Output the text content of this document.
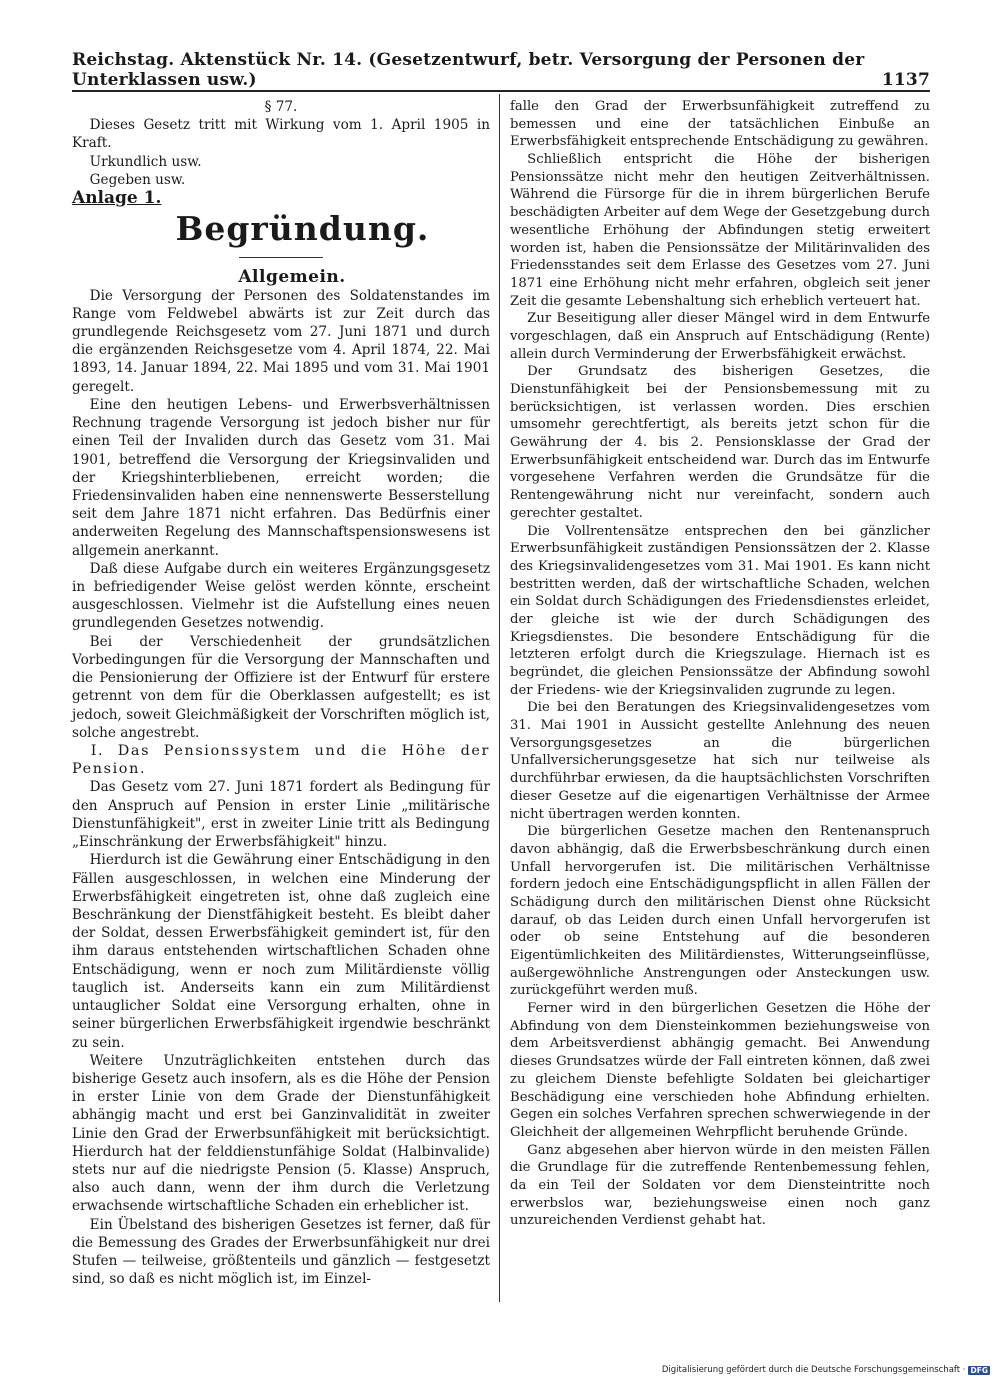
Reichstag. Aktenstück Nr. 14. (Gesetzentwurf, betr. Versorgung der Personen der Unterklassen usw.)	1137

§ 77.

Dieses Gesetz tritt mit Wirkung vom 1. April 1905 in Kraft.

Urkundlich usw.

Gegeben usw.

Anlage 1.

Begründung.

Allgemein.

Die Versorgung der Personen des Soldatenstandes im Range vom Feldwebel abwärts ist zur Zeit durch das grundlegende Reichsgesetz vom 27. Juni 1871 und durch die ergänzenden Reichsgesetze vom 4. April 1874, 22. Mai 1893, 14. Januar 1894, 22. Mai 1895 und vom 31. Mai 1901 geregelt.

Eine den heutigen Lebens- und Erwerbsverhältnissen Rechnung tragende Versorgung ist jedoch bisher nur für einen Teil der Invaliden durch das Gesetz vom 31. Mai 1901, betreffend die Versorgung der Kriegsinvaliden und der Kriegshinterbliebenen, erreicht worden; die Friedensinvaliden haben eine nennenswerte Besserstellung seit dem Jahre 1871 nicht erfahren. Das Bedürfnis einer anderweiten Regelung des Mannschaftspensionswesens ist allgemein anerkannt.

Daß diese Aufgabe durch ein weiteres Ergänzungsgesetz in befriedigender Weise gelöst werden könnte, erscheint ausgeschlossen. Vielmehr ist die Aufstellung eines neuen grundlegenden Gesetzes notwendig.

Bei der Verschiedenheit der grundsätzlichen Vorbedingungen für die Versorgung der Mannschaften und die Pensionierung der Offiziere ist der Entwurf für erstere getrennt von dem für die Oberklassen aufgestellt; es ist jedoch, soweit Gleichmäßigkeit der Vorschriften möglich ist, solche angestrebt.

I. Das Pensionssystem und die Höhe der Pension.

Das Gesetz vom 27. Juni 1871 fordert als Bedingung für den Anspruch auf Pension in erster Linie „militärische Dienstunfähigkeit", erst in zweiter Linie tritt als Bedingung „Einschränkung der Erwerbsfähigkeit" hinzu.

Hierdurch ist die Gewährung einer Entschädigung in den Fällen ausgeschlossen, in welchen eine Minderung der Erwerbsfähigkeit eingetreten ist, ohne daß zugleich eine Beschränkung der Dienstfähigkeit besteht. Es bleibt daher der Soldat, dessen Erwerbsfähigkeit gemindert ist, für den ihm daraus entstehenden wirtschaftlichen Schaden ohne Entschädigung, wenn er noch zum Militärdienste völlig tauglich ist. Anderseits kann ein zum Militärdienst untauglicher Soldat eine Versorgung erhalten, ohne in seiner bürgerlichen Erwerbsfähigkeit irgendwie beschränkt zu sein.

Weitere Unzuträglichkeiten entstehen durch das bisherige Gesetz auch insofern, als es die Höhe der Pension in erster Linie von dem Grade der Dienstunfähigkeit abhängig macht und erst bei Ganzinvalidität in zweiter Linie den Grad der Erwerbsunfähigkeit mit berücksichtigt. Hierdurch hat der felddienstunfähige Soldat (Halbinvalide) stets nur auf die niedrigste Pension (5. Klasse) Anspruch, also auch dann, wenn der ihm durch die Verletzung erwachsende wirtschaftliche Schaden ein erheblicher ist.

Ein Übelstand des bisherigen Gesetzes ist ferner, daß für die Bemessung des Grades der Erwerbsunfähigkeit nur drei Stufen — teilweise, größtenteils und gänzlich — festgesetzt sind, so daß es nicht möglich ist, im Einzel-

falle den Grad der Erwerbsunfähigkeit zutreffend zu bemessen und eine der tatsächlichen Einbuße an Erwerbsfähigkeit entsprechende Entschädigung zu gewähren.

Schließlich entspricht die Höhe der bisherigen Pensionssätze nicht mehr den heutigen Zeitverhältnissen. Während die Fürsorge für die in ihrem bürgerlichen Berufe beschädigten Arbeiter auf dem Wege der Gesetzgebung durch wesentliche Erhöhung der Abfindungen stetig erweitert worden ist, haben die Pensionssätze der Militärinvaliden des Friedensstandes seit dem Erlasse des Gesetzes vom 27. Juni 1871 eine Erhöhung nicht mehr erfahren, obgleich seit jener Zeit die gesamte Lebenshaltung sich erheblich verteuert hat.

Zur Beseitigung aller dieser Mängel wird in dem Entwurfe vorgeschlagen, daß ein Anspruch auf Entschädigung (Rente) allein durch Verminderung der Erwerbsfähigkeit erwächst.

Der Grundsatz des bisherigen Gesetzes, die Dienstunfähigkeit bei der Pensionsbemessung mit zu berücksichtigen, ist verlassen worden. Dies erschien umsomehr gerechtfertigt, als bereits jetzt schon für die Gewährung der 4. bis 2. Pensionsklasse der Grad der Erwerbsunfähigkeit entscheidend war. Durch das im Entwurfe vorgesehene Verfahren werden die Grundsätze für die Rentengewährung nicht nur vereinfacht, sondern auch gerechter gestaltet.

Die Vollrentensätze entsprechen den bei gänzlicher Erwerbsunfähigkeit zuständigen Pensionssätzen der 2. Klasse des Kriegsinvalidengesetzes vom 31. Mai 1901. Es kann nicht bestritten werden, daß der wirtschaftliche Schaden, welchen ein Soldat durch Schädigungen des Friedensdienstes erleidet, der gleiche ist wie der durch Schädigungen des Kriegsdienstes. Die besondere Entschädigung für die letzteren erfolgt durch die Kriegszulage. Hiernach ist es begründet, die gleichen Pensionssätze der Abfindung sowohl der Friedens- wie der Kriegsinvaliden zugrunde zu legen.

Die bei den Beratungen des Kriegsinvalidengesetzes vom 31. Mai 1901 in Aussicht gestellte Anlehnung des neuen Versorgungsgesetzes an die bürgerlichen Unfallversicherungsgesetze hat sich nur teilweise als durchführbar erwiesen, da die hauptsächlichsten Vorschriften dieser Gesetze auf die eigenartigen Verhältnisse der Armee nicht übertragen werden konnten.

Die bürgerlichen Gesetze machen den Rentenanspruch davon abhängig, daß die Erwerbsbeschränkung durch einen Unfall hervorgerufen ist. Die militärischen Verhältnisse fordern jedoch eine Entschädigungspflicht in allen Fällen der Schädigung durch den militärischen Dienst ohne Rücksicht darauf, ob das Leiden durch einen Unfall hervorgerufen ist oder ob seine Entstehung auf die besonderen Eigentümlichkeiten des Militärdienstes, Witterungseinflüsse, außergewöhnliche Anstrengungen oder Ansteckungen usw. zurückgeführt werden muß.

Ferner wird in den bürgerlichen Gesetzen die Höhe der Abfindung von dem Diensteinkommen beziehungsweise von dem Arbeitsverdienst abhängig gemacht. Bei Anwendung dieses Grundsatzes würde der Fall eintreten können, daß zwei zu gleichem Dienste befehligte Soldaten bei gleichartiger Beschädigung eine verschieden hohe Abfindung erhielten. Gegen ein solches Verfahren sprechen schwerwiegende in der Gleichheit der allgemeinen Wehrpflicht beruhende Gründe.

Ganz abgesehen aber hiervon würde in den meisten Fällen die Grundlage für die zutreffende Rentenbemessung fehlen, da ein Teil der Soldaten vor dem Diensteintritte noch erwerbslos war, beziehungsweise einen noch ganz unzureichenden Verdienst gehabt hat.

Digitalisierung gefördert durch die Deutsche Forschungsgemeinschaft · DFG
